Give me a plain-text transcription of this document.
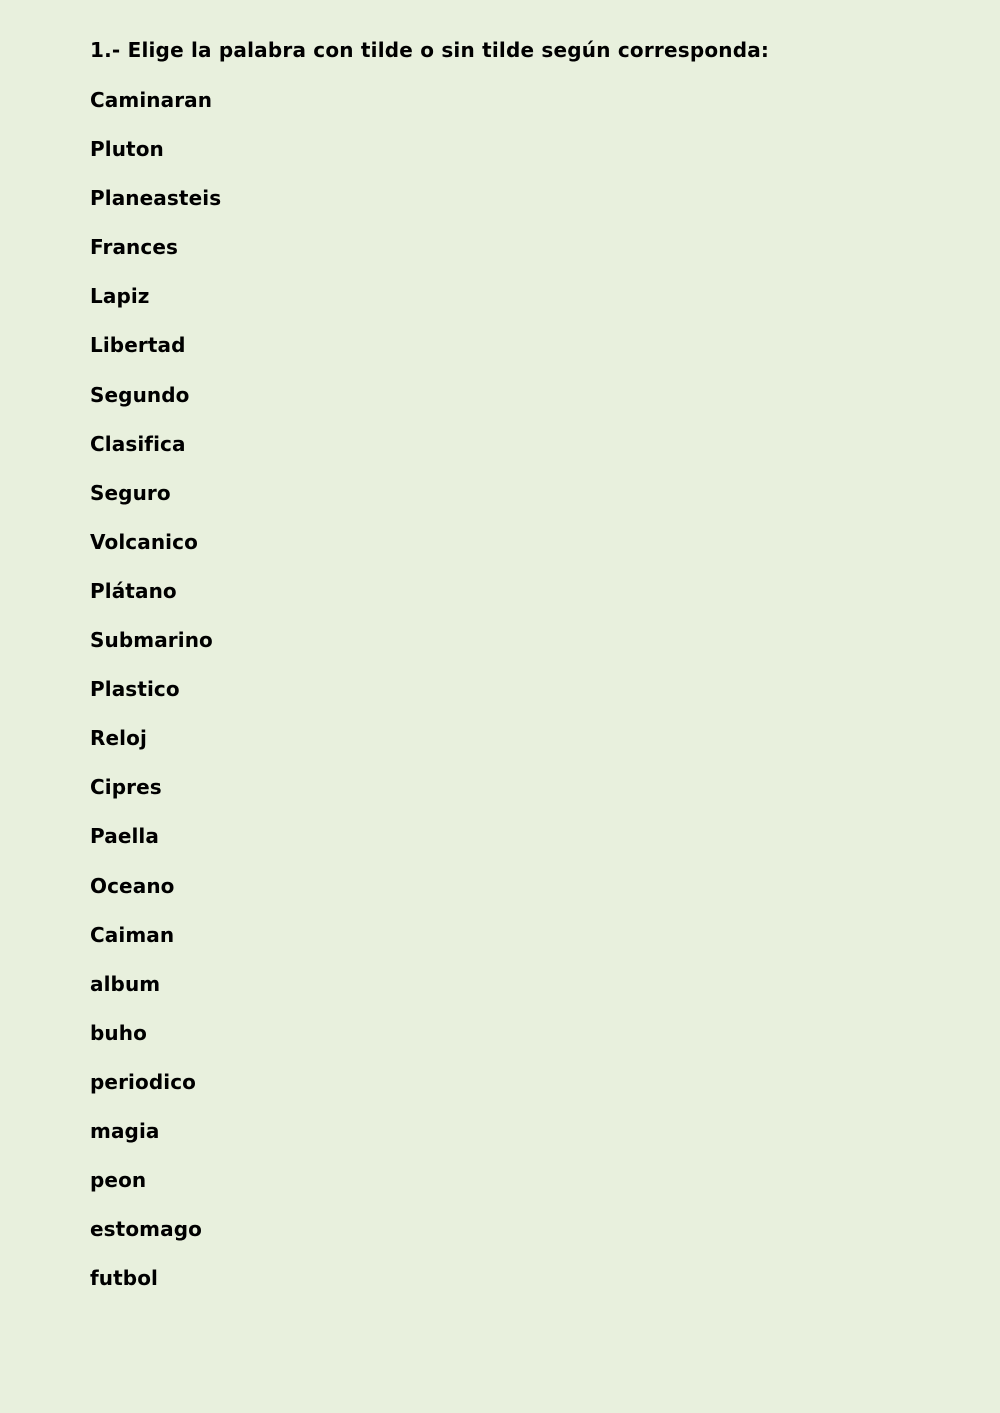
1.- Elige la palabra con tilde o sin tilde según corresponda:
Caminaran
Pluton
Planeasteis
Frances
Lapiz
Libertad
Segundo
Clasifica
Seguro
Volcanico
Plátano
Submarino
Plastico
Reloj
Cipres
Paella
Oceano
Caiman
album
buho
periodico
magia
peon
estomago
futbol
